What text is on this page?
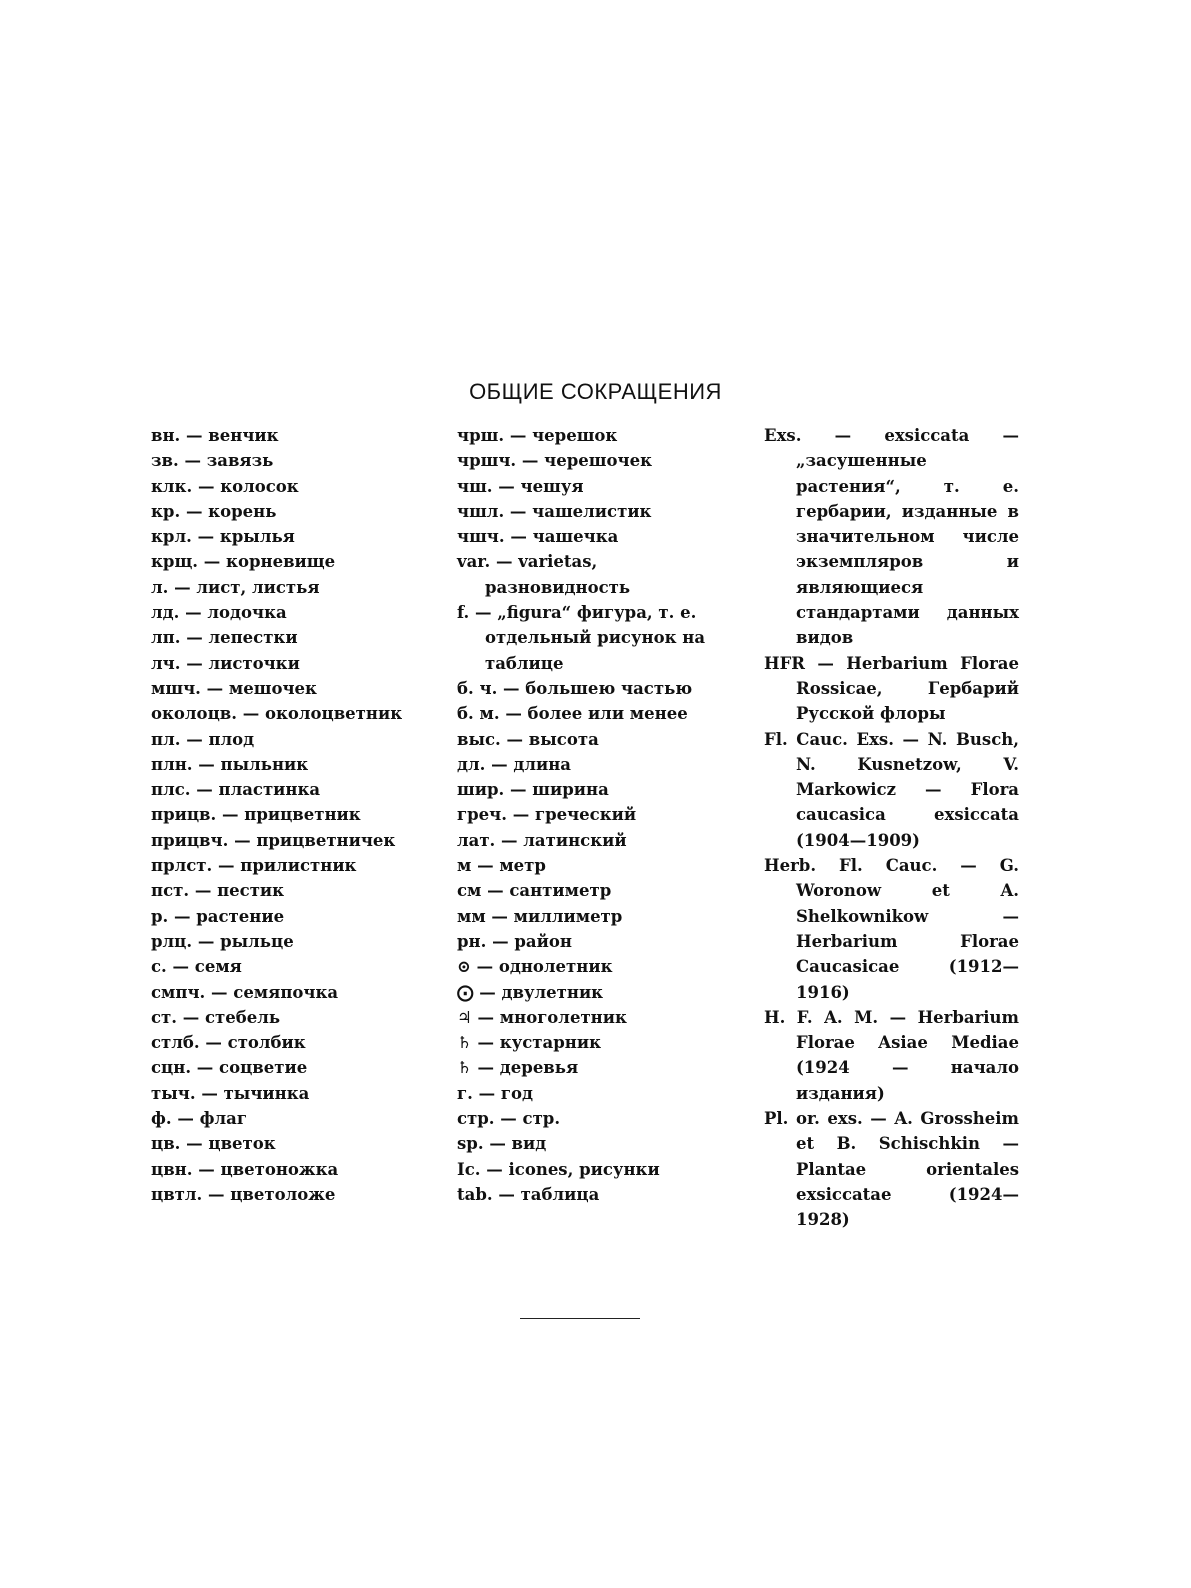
ОБЩИЕ СОКРАЩЕНИЯ

вн. — венчик

зв. — завязь

клк. — колосок

кр. — корень

крл. — крылья

крщ. — корневище

л. — лист, листья

лд. — лодочка

лп. — лепестки

лч. — листочки

мшч. — мешочек

околоцв. — околоцветник

пл. — плод

плн. — пыльник

плс. — пластинка

прицв. — прицветник

прицвч. — прицветничек

прлст. — прилистник

пст. — пестик

р. — растение

рлц. — рыльце

с. — семя

смпч. — семяпочка

ст. — стебель

стлб. — столбик

сцн. — соцветие

тыч. — тычинка

ф. — флаг

цв. — цветок

цвн. — цветоножка

цвтл. — цветоложе

чрш. — черешок

чршч. — черешочек

чш. — чешуя

чшл. — чашелистик

чшч. — чашечка

var. — varietas, разновидность

f. — „figura“ фигура, т. е. отдельный рисунок на таблице

б. ч. — большею частью

б. м. — более или менее

выс. — высота

дл. — длина

шир. — ширина

греч. — греческий

лат. — латинский

м — метр

см — сантиметр

мм — миллиметр

рн. — район

⊙ — однолетник

⨀ — двулетник

♃ — многолетник

♄ — кустарник

♄ — деревья

г. — год

стр. — стр.

sp. — вид

Ic. — icones, рисунки

tab. — таблица

Exs. — exsiccata — „засушенные растения“, т. е. гербарии, изданные в значительном числе экземпляров и являющиеся стандартами данных видов

HFR — Herbarium Florae Rossicae, Гербарий Русской флоры

Fl. Cauc. Exs. — N. Busch, N. Kusnetzow, V. Markowicz — Flora caucasica exsiccata (1904—1909)

Herb. Fl. Cauc. — G. Woronow et A. Shelkownikow — Herbarium Florae Caucasicae (1912—1916)

H. F. A. M. — Herbarium Florae Asiae Mediae (1924 — начало издания)

Pl. or. exs. — A. Grossheim et B. Schischkin — Plantae orientales exsiccatae (1924—1928)
